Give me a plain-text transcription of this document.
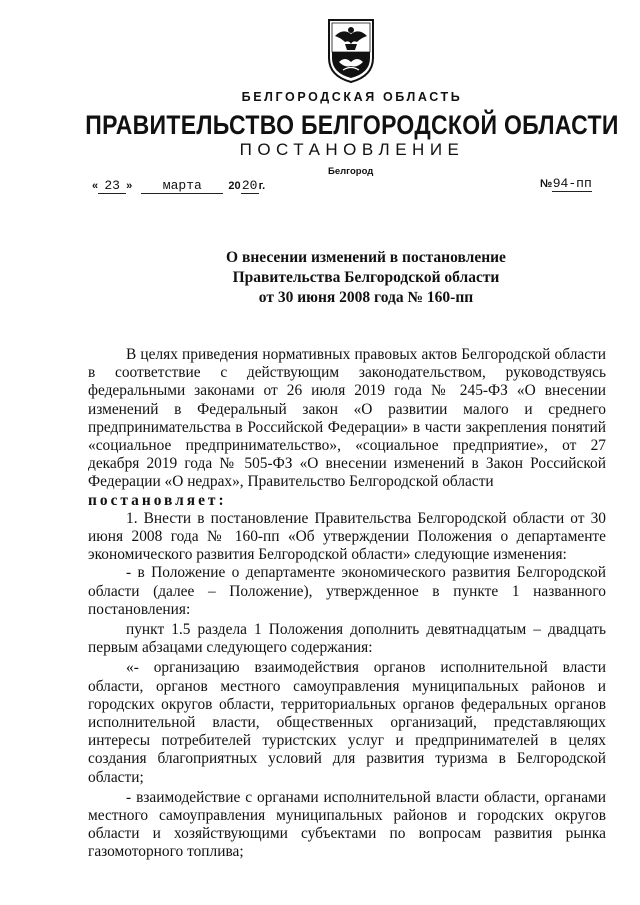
БЕЛГОРОДСКАЯ ОБЛАСТЬ
ПРАВИТЕЛЬСТВО БЕЛГОРОДСКОЙ ОБЛАСТИ
ПОСТАНОВЛЕНИЕ
Белгород
« 23 » марта 2020г.	№94-пп
О внесении изменений в постановление
Правительства Белгородской области
от 30 июня 2008 года № 160-пп

В целях приведения нормативных правовых актов Белгородской области в соответствие с действующим законодательством, руководствуясь федеральными законами от 26 июля 2019 года № 245-ФЗ «О внесении изменений в Федеральный закон «О развитии малого и среднего предпринимательства в Российской Федерации» в части закрепления понятий «социальное предпринимательство», «социальное предприятие», от 27 декабря 2019 года № 505-ФЗ «О внесении изменений в Закон Российской Федерации «О недрах», Правительство Белгородской области

постановляет:

1. Внести в постановление Правительства Белгородской области от 30 июня 2008 года № 160-пп «Об утверждении Положения о департаменте экономического развития Белгородской области» следующие изменения:

- в Положение о департаменте экономического развития Белгородской области (далее – Положение), утвержденное в пункте 1 названного постановления:

пункт 1.5 раздела 1 Положения дополнить девятнадцатым – двадцать первым абзацами следующего содержания:

«- организацию взаимодействия органов исполнительной власти области, органов местного самоуправления муниципальных районов и городских округов области, территориальных органов федеральных органов исполнительной власти, общественных организаций, представляющих интересы потребителей туристских услуг и предпринимателей в целях создания благоприятных условий для развития туризма в Белгородской области;

- взаимодействие с органами исполнительной власти области, органами местного самоуправления муниципальных районов и городских округов области и хозяйствующими субъектами по вопросам развития рынка газомоторного топлива;
